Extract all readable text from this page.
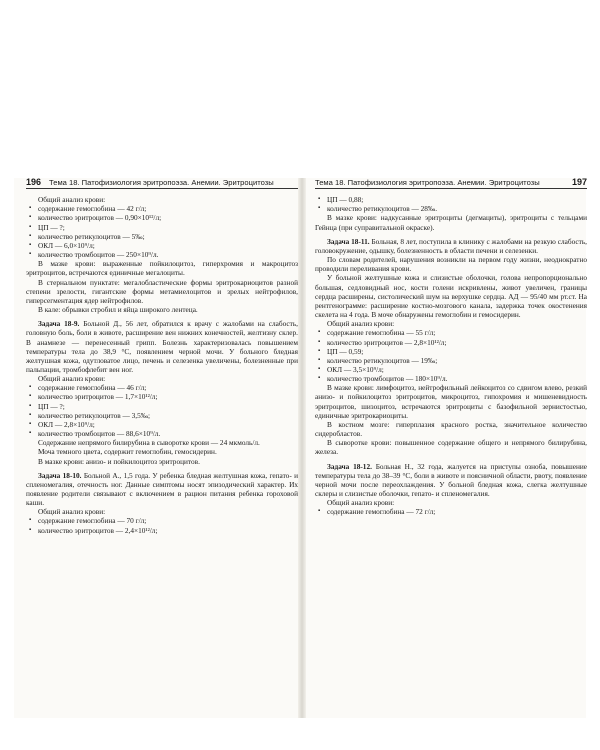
196 Тема 18. Патофизиология эритропоэза. Анемии. Эритроцитозы

Общий анализ крови:

▪ содержание гемоглобина — 42 г/л;

▪ количество эритроцитов — 0,90×10¹²/л;

▪ ЦП — ?;

▪ количество ретикулоцитов — 5‰;

▪ ОКЛ — 6,0×10⁹/л;

▪ количество тромбоцитов — 250×10⁹/л.

В мазке крови: выраженные пойкилоцитоз, гиперхромия и макроцитоз эритроцитов, встречаются единичные мегалоциты.

В стернальном пунктате: мегалобластические формы эритрокариоцитов разной степени зрелости, гигантские формы метамиелоцитов и зрелых нейтрофилов, гиперсегментация ядер нейтрофилов.

В кале: обрывки стробил и яйца широкого лентеца.

Задача 18-9. Больной Д., 56 лет, обратился к врачу с жалобами на слабость, головную боль, боли в животе, расширение вен нижних конечностей, желтизну склер. В анамнезе — перенесенный грипп. Болезнь характеризовалась повышением температуры тела до 38,9 °С, появлением черной мочи. У больного бледная желтушная кожа, одутловатое лицо, печень и селезенка увеличены, болезненные при пальпации, тромбофлебит вен ног.

Общий анализ крови:

▪ содержание гемоглобина — 46 г/л;

▪ количество эритроцитов — 1,7×10¹²/л;

▪ ЦП — ?;

▪ количество ретикулоцитов — 3,5‰;

▪ ОКЛ — 2,8×10⁹/л;

▪ количество тромбоцитов — 88,6×10⁹/л.

Содержание непрямого билирубина в сыворотке крови — 24 мкмоль/л.

Моча темного цвета, содержит гемоглобин, гемосидерин.

В мазке крови: анизо- и пойкилоцитоз эритроцитов.

Задача 18-10. Больной А., 1,5 года. У ребенка бледная желтушная кожа, гепато- и спленомегалия, отечность ног. Данные симптомы носят эпизодический характер. Их появление родители связывают с включением в рацион питания ребенка гороховой каши.

Общий анализ крови:

▪ содержание гемоглобина — 70 г/л;

▪ количество эритроцитов — 2,4×10¹²/л;

Тема 18. Патофизиология эритропоэза. Анемии. Эритроцитозы	197

▪ ЦП — 0,88;

▪ количество ретикулоцитов — 28‰.

В мазке крови: надкусанные эритроциты (дегмациты), эритроциты с тельцами Гейнца (при суправитальной окраске).

Задача 18-11. Больная, 8 лет, поступила в клинику с жалобами на резкую слабость, головокружение, одышку, болезненность в области печени и селезенки.

По словам родителей, нарушения возникли на первом году жизни, неоднократно проводили переливания крови.

У больной желтушные кожа и слизистые оболочки, голова непропорционально большая, седловидный нос, кости голени искривлены, живот увеличен, границы сердца расширены, систолический шум на верхушке сердца. АД — 95/40 мм рт.ст. На рентгенограмме: расширение костно-мозгового канала, задержка точек окостенения скелета на 4 года. В моче обнаружены гемоглобин и гемосидерин.

Общий анализ крови:

▪ содержание гемоглобина — 55 г/л;

▪ количество эритроцитов — 2,8×10¹²/л;

▪ ЦП — 0,59;

▪ количество ретикулоцитов — 19‰;

▪ ОКЛ — 3,5×10⁹/л;

▪ количество тромбоцитов — 180×10⁹/л.

В мазке крови: лимфоцитоз, нейтрофильный лейкоцитоз со сдвигом влево, резкий анизо- и пойкилоцитоз эритроцитов, микроцитоз, гипохромия и мишеневидность эритроцитов, шизоцитоз, встречаются эритроциты с базофильной зернистостью, единичные эритрокариоциты.

В костном мозге: гиперплазия красного ростка, значительное количество сидеробластов.

В сыворотке крови: повышенное содержание общего и непрямого билирубина, железа.

Задача 18-12. Больная Н., 32 года, жалуется на приступы озноба, повышение температуры тела до 38–39 °С, боли в животе и поясничной области, рвоту, появление черной мочи после переохлаждения. У больной бледная кожа, слегка желтушные склеры и слизистые оболочки, гепато- и спленомегалия.

Общий анализ крови:

▪ содержание гемоглобина — 72 г/л;
